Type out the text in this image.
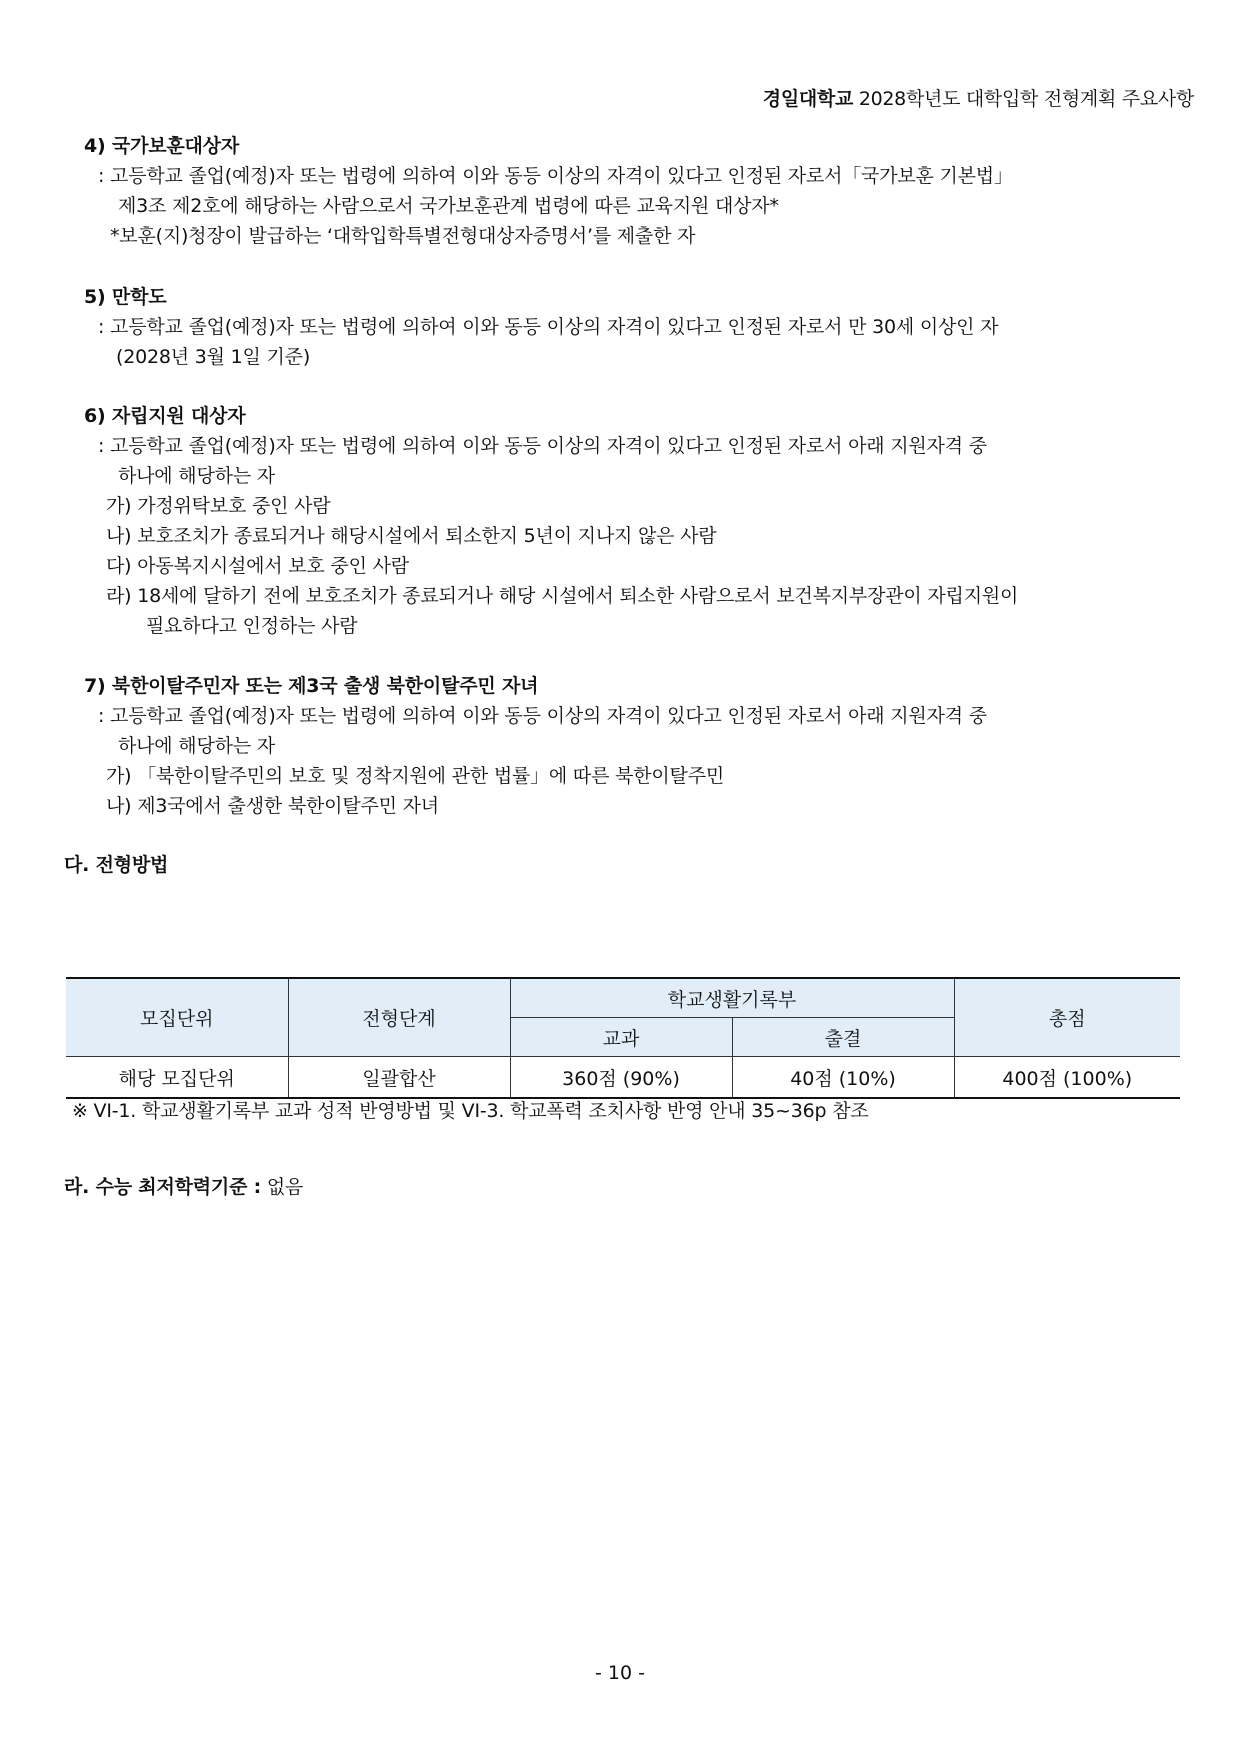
경일대학교 2028학년도 대학입학 전형계획 주요사항
4) 국가보훈대상자
: 고등학교 졸업(예정)자 또는 법령에 의하여 이와 동등 이상의 자격이 있다고 인정된 자로서「국가보훈 기본법」
제3조 제2호에 해당하는 사람으로서 국가보훈관계 법령에 따른 교육지원 대상자*
*보훈(지)청장이 발급하는 ‘대학입학특별전형대상자증명서’를 제출한 자
5) 만학도
: 고등학교 졸업(예정)자 또는 법령에 의하여 이와 동등 이상의 자격이 있다고 인정된 자로서 만 30세 이상인 자
(2028년 3월 1일 기준)
6) 자립지원 대상자
: 고등학교 졸업(예정)자 또는 법령에 의하여 이와 동등 이상의 자격이 있다고 인정된 자로서 아래 지원자격 중
하나에 해당하는 자
가) 가정위탁보호 중인 사람
나) 보호조치가 종료되거나 해당시설에서 퇴소한지 5년이 지나지 않은 사람
다) 아동복지시설에서 보호 중인 사람
라) 18세에 달하기 전에 보호조치가 종료되거나 해당 시설에서 퇴소한 사람으로서 보건복지부장관이 자립지원이
필요하다고 인정하는 사람
7) 북한이탈주민자 또는 제3국 출생 북한이탈주민 자녀
: 고등학교 졸업(예정)자 또는 법령에 의하여 이와 동등 이상의 자격이 있다고 인정된 자로서 아래 지원자격 중
하나에 해당하는 자
가) 「북한이탈주민의 보호 및 정착지원에 관한 법률」에 따른 북한이탈주민
나) 제3국에서 출생한 북한이탈주민 자녀
다. 전형방법
모집단위	전형단계	학교생활기록부		총점
		교과	출결	
해당 모집단위	일괄합산	360점 (90%)	40점 (10%)	400점 (100%)
※ VI-1. 학교생활기록부 교과 성적 반영방법 및 VI-3. 학교폭력 조치사항 반영 안내 35~36p 참조
라. 수능 최저학력기준 : 없음
- 10 -
